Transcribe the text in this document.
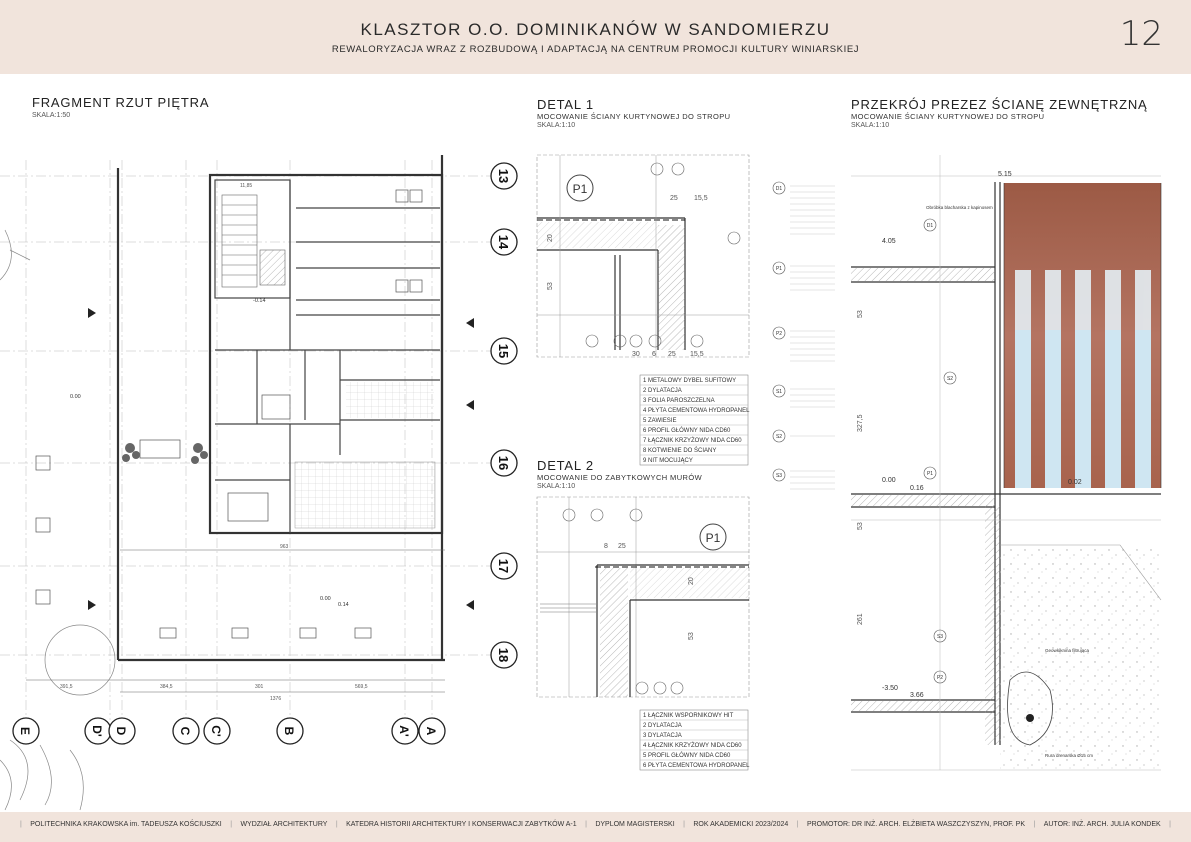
KLASZTOR O.O. DOMINIKANÓW W SANDOMIERZU
REWALORYZACJA WRAZ Z ROZBUDOWĄ I ADAPTACJĄ NA CENTRUM PROMOCJI KULTURY WINIARSKIEJ	12
FRAGMENT RZUT PIĘTRA
SKALA:1:50
DETAL 1
MOCOWANIE ŚCIANY KURTYNOWEJ DO STROPU
SKALA:1:10
DETAL 2
MOCOWANIE DO ZABYTKOWYCH MURÓW
SKALA:1:10
PRZEKRÓJ PREZEZ ŚCIANĘ ZEWNĘTRZNĄ
MOCOWANIE ŚCIANY KURTYNOWEJ DO STROPU
SKALA:1:10
391,5	384,5	301	569,5
1376
963
11,85
0.00
0.00
0.14
-0.14
13
14
15
16
17
18
E	D
D'	C C'	B	A' A
P1
25 15,5
20
53
30 6 25 15,5
1 METALOWY DYBEL SUFITOWY
2 DYLATACJA
3 FOLIA PAROSZCZELNA
4 PŁYTA CEMENTOWA HYDROPANEL
5 ZAWIESIE
6 PROFIL GŁÓWNY NIDA CD60
7 ŁĄCZNIK KRZYŻOWY NIDA CD60
8 KOTWIENIE DO ŚCIANY
9 NIT MOCUJĄCY
P1
8 25
20
53
1 ŁĄCZNIK WSPORNIKOWY HIT
2 DYLATACJA
3 DYLATACJA
4 ŁĄCZNIK KRZYŻOWY NIDA CD60
5 PROFIL GŁÓWNY NIDA CD60
6 PŁYTA CEMENTOWA HYDROPANEL
D1
P1
P2
S1
S2
S3
D1
P1
S2
S3
P2
5.15
4.05
0.00
0.16
0.02
-3.50
3.66
53
327,5
53
261
Obróbka blacharska z kapinosem
Geowłóknina filtrująca
Rura drenarska Ø15 cm
|	POLITECHNIKA KRAKOWSKA im. TADEUSZA KOŚCIUSZKI	|	WYDZIAŁ ARCHITEKTURY	|	KATEDRA HISTORII ARCHITEKTURY I KONSERWACJI ZABYTKÓW A-1	|	DYPLOM MAGISTERSKI	|	ROK AKADEMICKI 2023/2024	|	PROMOTOR: DR INŻ. ARCH. ELŻBIETA WASZCZYSZYN, PROF. PK	|	AUTOR: INŻ. ARCH. JULIA KONDEK	|
